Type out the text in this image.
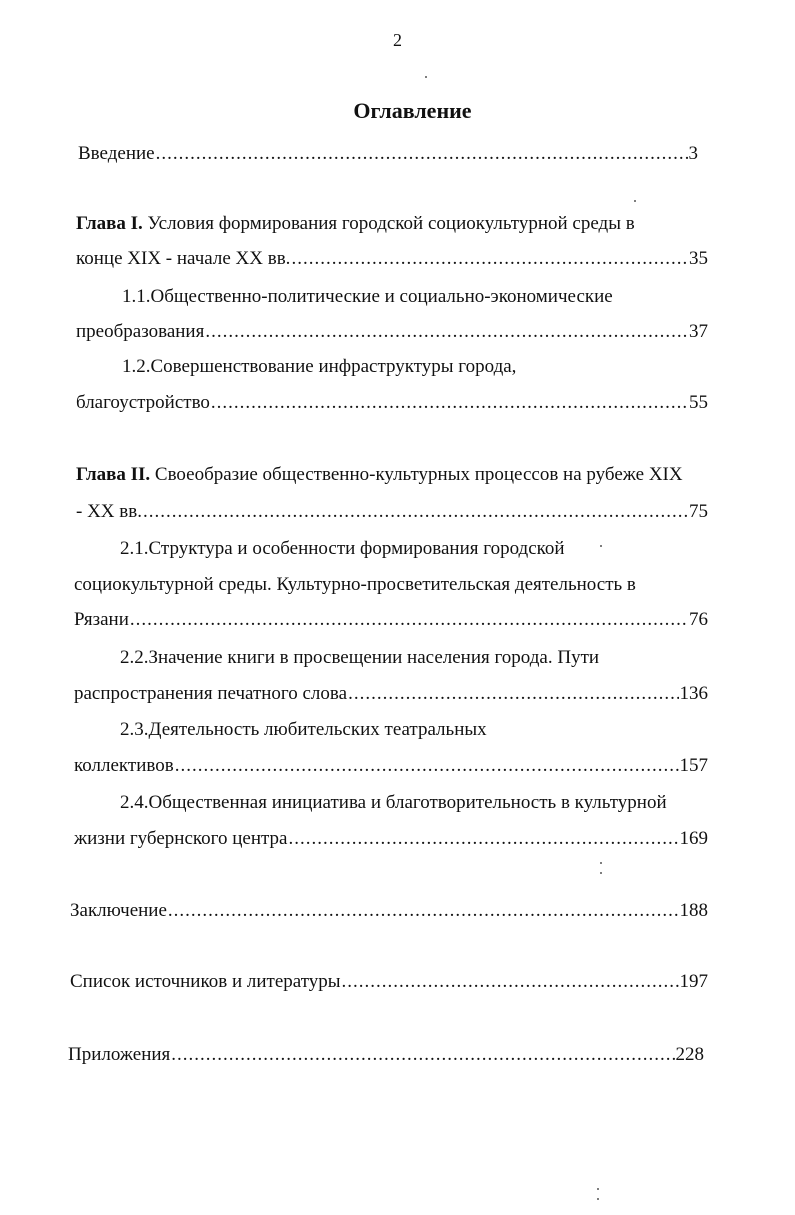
2
Оглавление
Введение .....	3
Глава I. Условия формирования городской социокультурной среды в
конце XIX - начале XX вв. .....	35
1.1.Общественно-политические и социально-экономические
преобразования .....	37
1.2.Совершенствование инфраструктуры города,
благоустройство .....	55
Глава II. Своеобразие общественно-культурных процессов на рубеже XIX
- XX вв. .....	75
2.1.Структура и особенности формирования городской
социокультурной среды. Культурно-просветительская деятельность в
Рязани .....	76
2.2.Значение книги в просвещении населения города. Пути
распространения печатного слова .....	136
2.3.Деятельность любительских театральных
коллективов .....	157
2.4.Общественная инициатива и благотворительность в культурной
жизни губернского центра .....	169
Заключение .....	188
Список источников и литературы .....	197
Приложения .....	228
